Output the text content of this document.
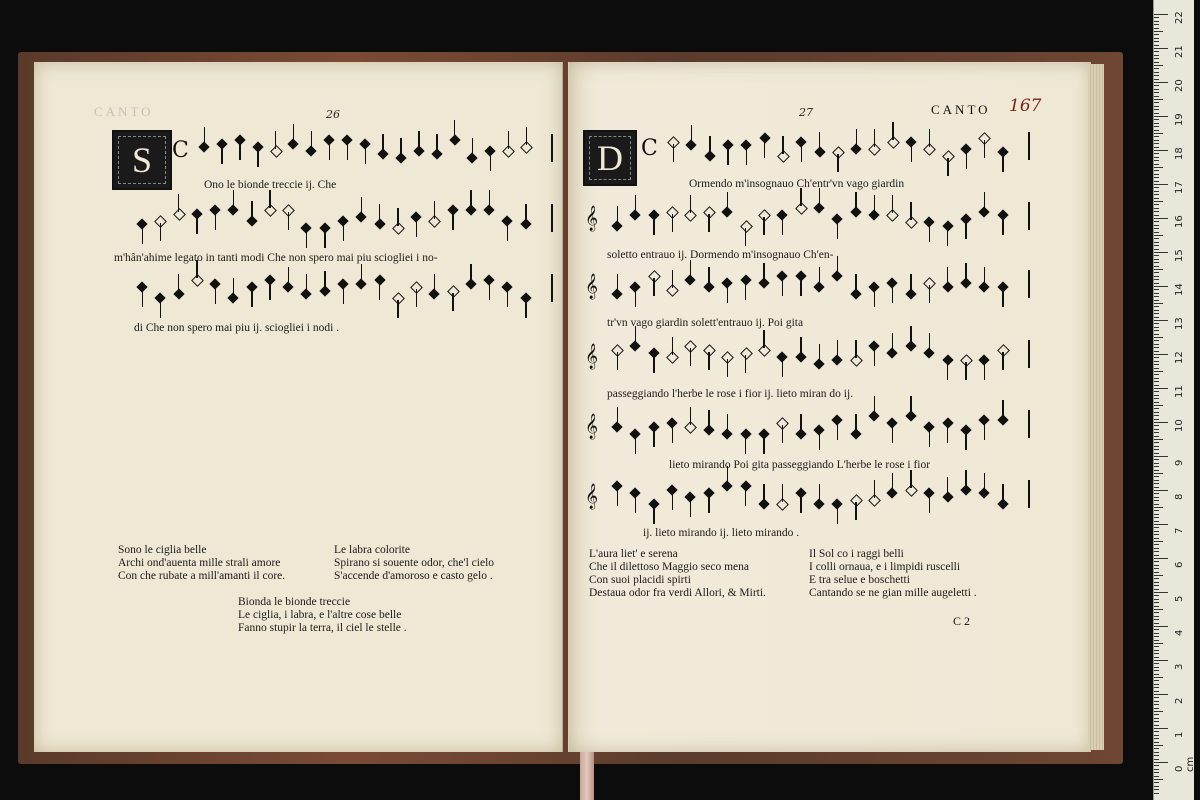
CANTO	26
S C
Ono le bionde treccie ij. Che
m'hân'ahime legato in tanti modi Che non spero mai piu sciogliei i no-
di Che non spero mai piu ij. sciogliei i nodi .
Sono le ciglia belle
Archi ond'auenta mille strali amore
Con che rubate a mill'amanti il core.
Le labra colorite
Spirano si souente odor, che'l cielo
S'accende d'amoroso e casto gelo .
Bionda le bionde treccie
Le ciglia, i labra, e l'altre cose belle
Fanno stupir la terra, il ciel le stelle .
27	CANTO 167
D C
𝄞
𝄞
𝄞
𝄞
𝄞
Ormendo m'insognauo Ch'entr'vn vago giardin
soletto entrauo ij. Dormendo m'insognauo Ch'en-
tr'vn vago giardin solett'entrauo ij. Poi gita
passeggiando l'herbe le rose i fior ij. lieto miran do ij.
lieto mirando Poi gita passeggiando L'herbe le rose i fior
ij. lieto mirando ij. lieto mirando .
L'aura liet' e serena
Che il dilettoso Maggio seco mena
Con suoi placidi spirti
Destaua odor fra verdi Allori, & Mirti.
Il Sol co i raggi belli
I colli ornaua, e i limpidi ruscelli
E tra selue e boschetti
Cantando se ne gian mille augeletti .
C 2
22
21
20
19
18
17
16
15
14
13
12
11
10
9
8
7
6
5
4
3
2
1
0 cm
